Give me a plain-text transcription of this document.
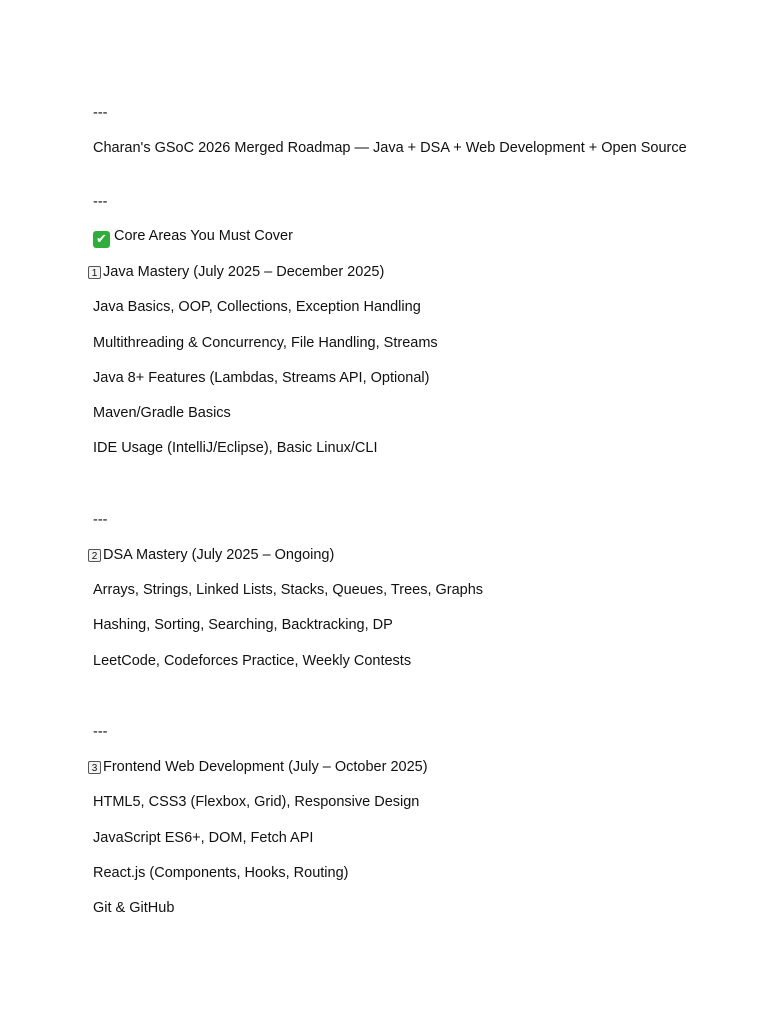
---
Charan's GSoC 2026 Merged Roadmap — Java + DSA + Web Development + Open Source
---
✔ Core Areas You Must Cover
1 Java Mastery (July 2025 – December 2025)
Java Basics, OOP, Collections, Exception Handling
Multithreading & Concurrency, File Handling, Streams
Java 8+ Features (Lambdas, Streams API, Optional)
Maven/Gradle Basics
IDE Usage (IntelliJ/Eclipse), Basic Linux/CLI
---
2 DSA Mastery (July 2025 – Ongoing)
Arrays, Strings, Linked Lists, Stacks, Queues, Trees, Graphs
Hashing, Sorting, Searching, Backtracking, DP
LeetCode, Codeforces Practice, Weekly Contests
---
3 Frontend Web Development (July – October 2025)
HTML5, CSS3 (Flexbox, Grid), Responsive Design
JavaScript ES6+, DOM, Fetch API
React.js (Components, Hooks, Routing)
Git & GitHub
